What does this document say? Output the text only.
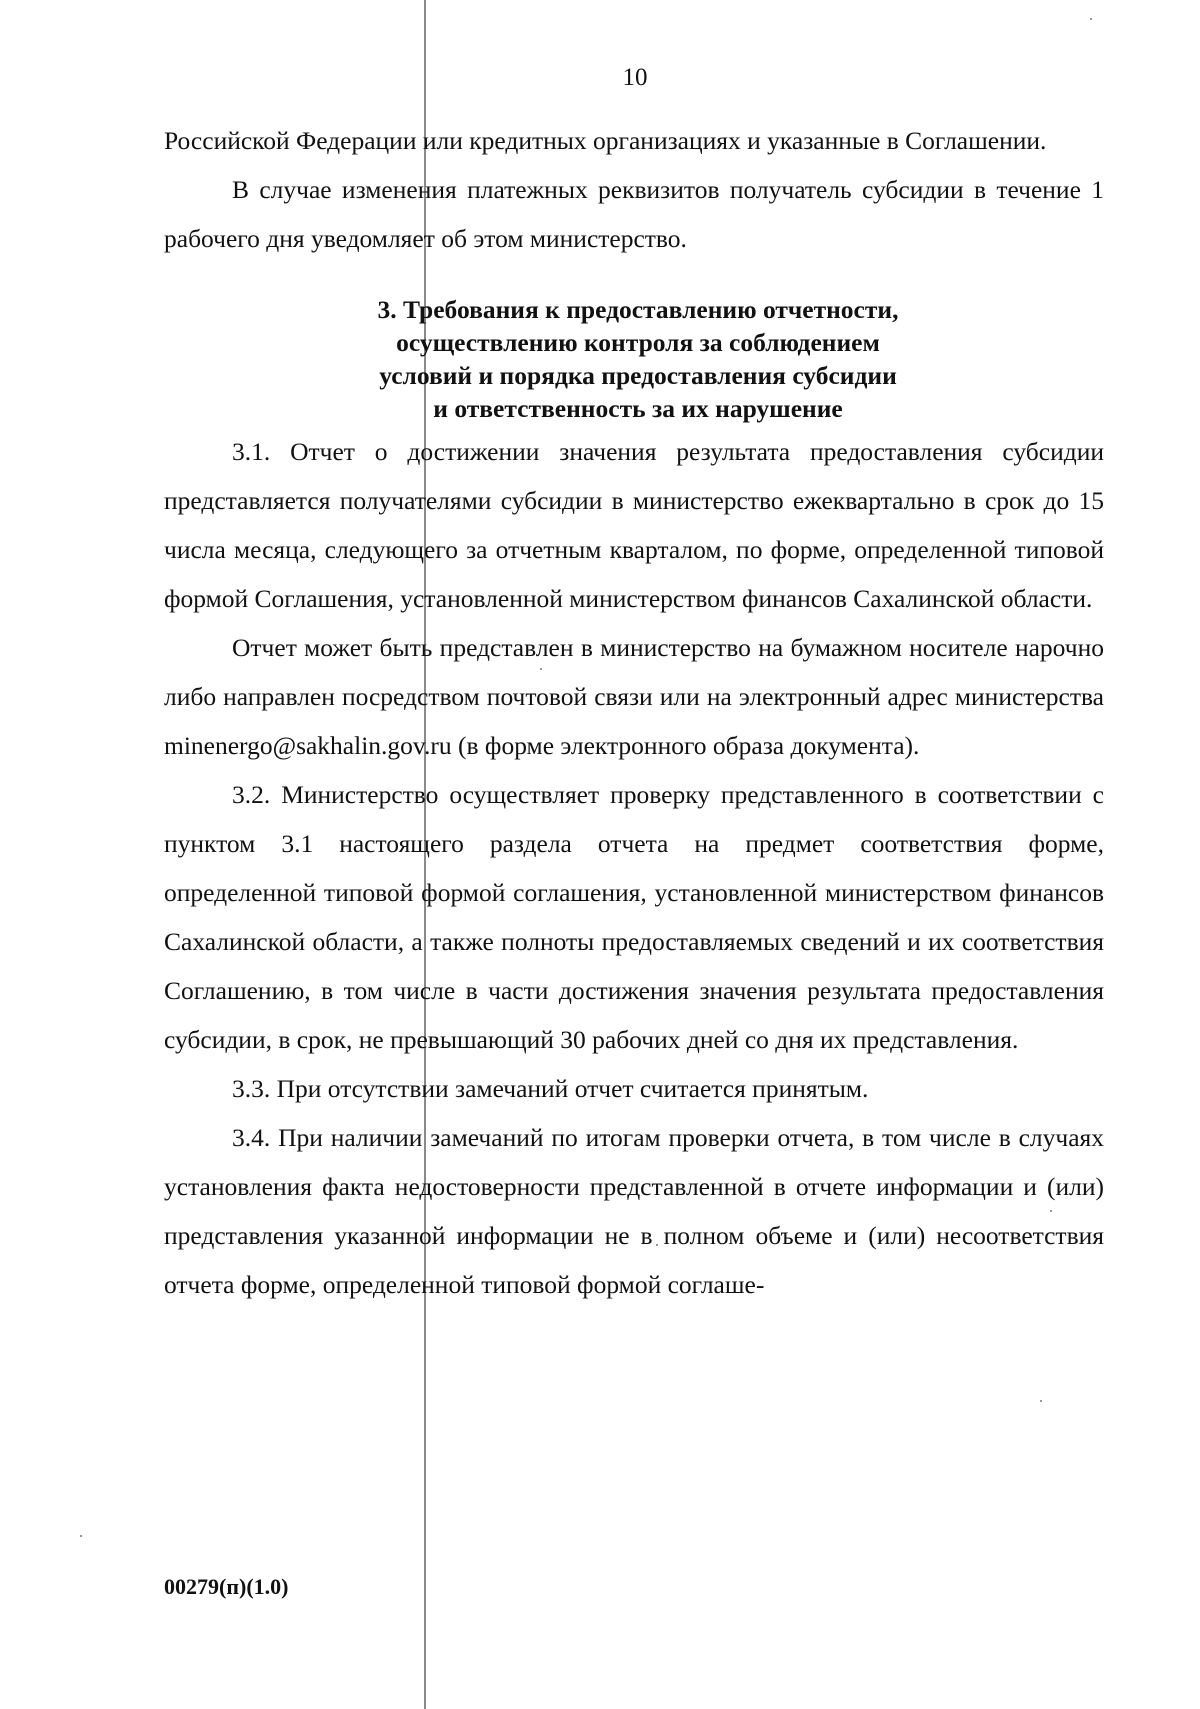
10

Российской Федерации или кредитных организациях и указанные в Соглашении.

В случае изменения платежных реквизитов получатель субсидии в течение 1 рабочего дня уведомляет об этом министерство.

3. Требования к предоставлению отчетности,
осуществлению контроля за соблюдением
условий и порядка предоставления субсидии
и ответственность за их нарушение

3.1. Отчет о достижении значения результата предоставления субсидии представляется получателями субсидии в министерство ежеквартально в срок до 15 числа месяца, следующего за отчетным кварталом, по форме, определенной типовой формой Соглашения, установленной министерством финансов Сахалинской области.

Отчет может быть представлен в министерство на бумажном носителе нарочно либо направлен посредством почтовой связи или на электронный адрес министерства minenergo@sakhalin.gov.ru (в форме электронного образа документа).

3.2. Министерство осуществляет проверку представленного в соответствии с пунктом 3.1 настоящего раздела отчета на предмет соответствия форме, определенной типовой формой соглашения, установленной министерством финансов Сахалинской области, а также полноты предоставляемых сведений и их соответствия Соглашению, в том числе в части достижения значения результата предоставления субсидии, в срок, не превышающий 30 рабочих дней со дня их представления.

3.3. При отсутствии замечаний отчет считается принятым.

3.4. При наличии замечаний по итогам проверки отчета, в том числе в случаях установления факта недостоверности представленной в отчете информации и (или) представления указанной информации не в полном объеме и (или) несоответствия отчета форме, определенной типовой формой соглаше-

00279(п)(1.0)
